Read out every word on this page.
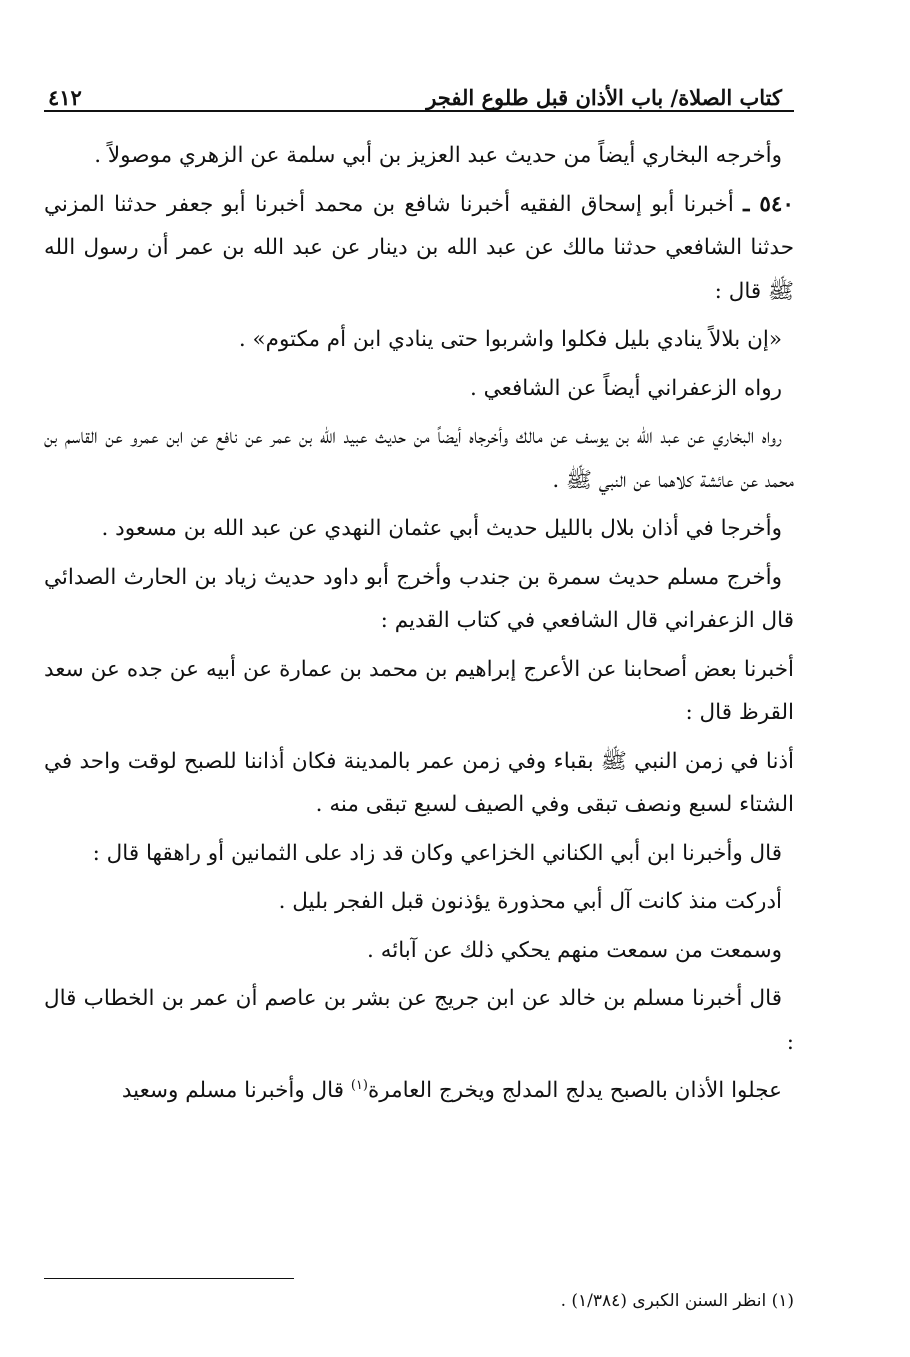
كتاب الصلاة/ باب الأذان قبل طلوع الفجر
٤١٢

وأخرجه البخاري أيضاً من حديث عبد العزيز بن أبي سلمة عن الزهري موصولاً .

٥٤٠ ـ أخبرنا أبو إسحاق الفقيه أخبرنا شافع بن محمد أخبرنا أبو جعفر حدثنا المزني حدثنا الشافعي حدثنا مالك عن عبد الله بن دينار عن عبد الله بن عمر أن رسول الله ﷺ قال :

«إن بلالاً ينادي بليل فكلوا واشربوا حتى ينادي ابن أم مكتوم» .

رواه الزعفراني أيضاً عن الشافعي .

رواه البخاري عن عبد الله بن يوسف عن مالك وأخرجاه أيضاً من حديث عبيد الله بن عمر عن نافع عن ابن عمرو عن القاسم بن محمد عن عائشة كلاهما عن النبي ﷺ .

وأخرجا في أذان بلال بالليل حديث أبي عثمان النهدي عن عبد الله بن مسعود .

وأخرج مسلم حديث سمرة بن جندب وأخرج أبو داود حديث زياد بن الحارث الصدائي قال الزعفراني قال الشافعي في كتاب القديم :

أخبرنا بعض أصحابنا عن الأعرج إبراهيم بن محمد بن عمارة عن أبيه عن جده عن سعد القرظ قال :

أذنا في زمن النبي ﷺ بقباء وفي زمن عمر بالمدينة فكان أذاننا للصبح لوقت واحد في الشتاء لسبع ونصف تبقى وفي الصيف لسبع تبقى منه .

قال وأخبرنا ابن أبي الكناني الخزاعي وكان قد زاد على الثمانين أو راهقها قال :

أدركت منذ كانت آل أبي محذورة يؤذنون قبل الفجر بليل .

وسمعت من سمعت منهم يحكي ذلك عن آبائه .

قال أخبرنا مسلم بن خالد عن ابن جريج عن بشر بن عاصم أن عمر بن الخطاب قال :

عجلوا الأذان بالصبح يدلج المدلج ويخرج العامرة$^{(١)}$ قال وأخبرنا مسلم وسعيد

(١) انظر السنن الكبرى (١/٣٨٤) .
